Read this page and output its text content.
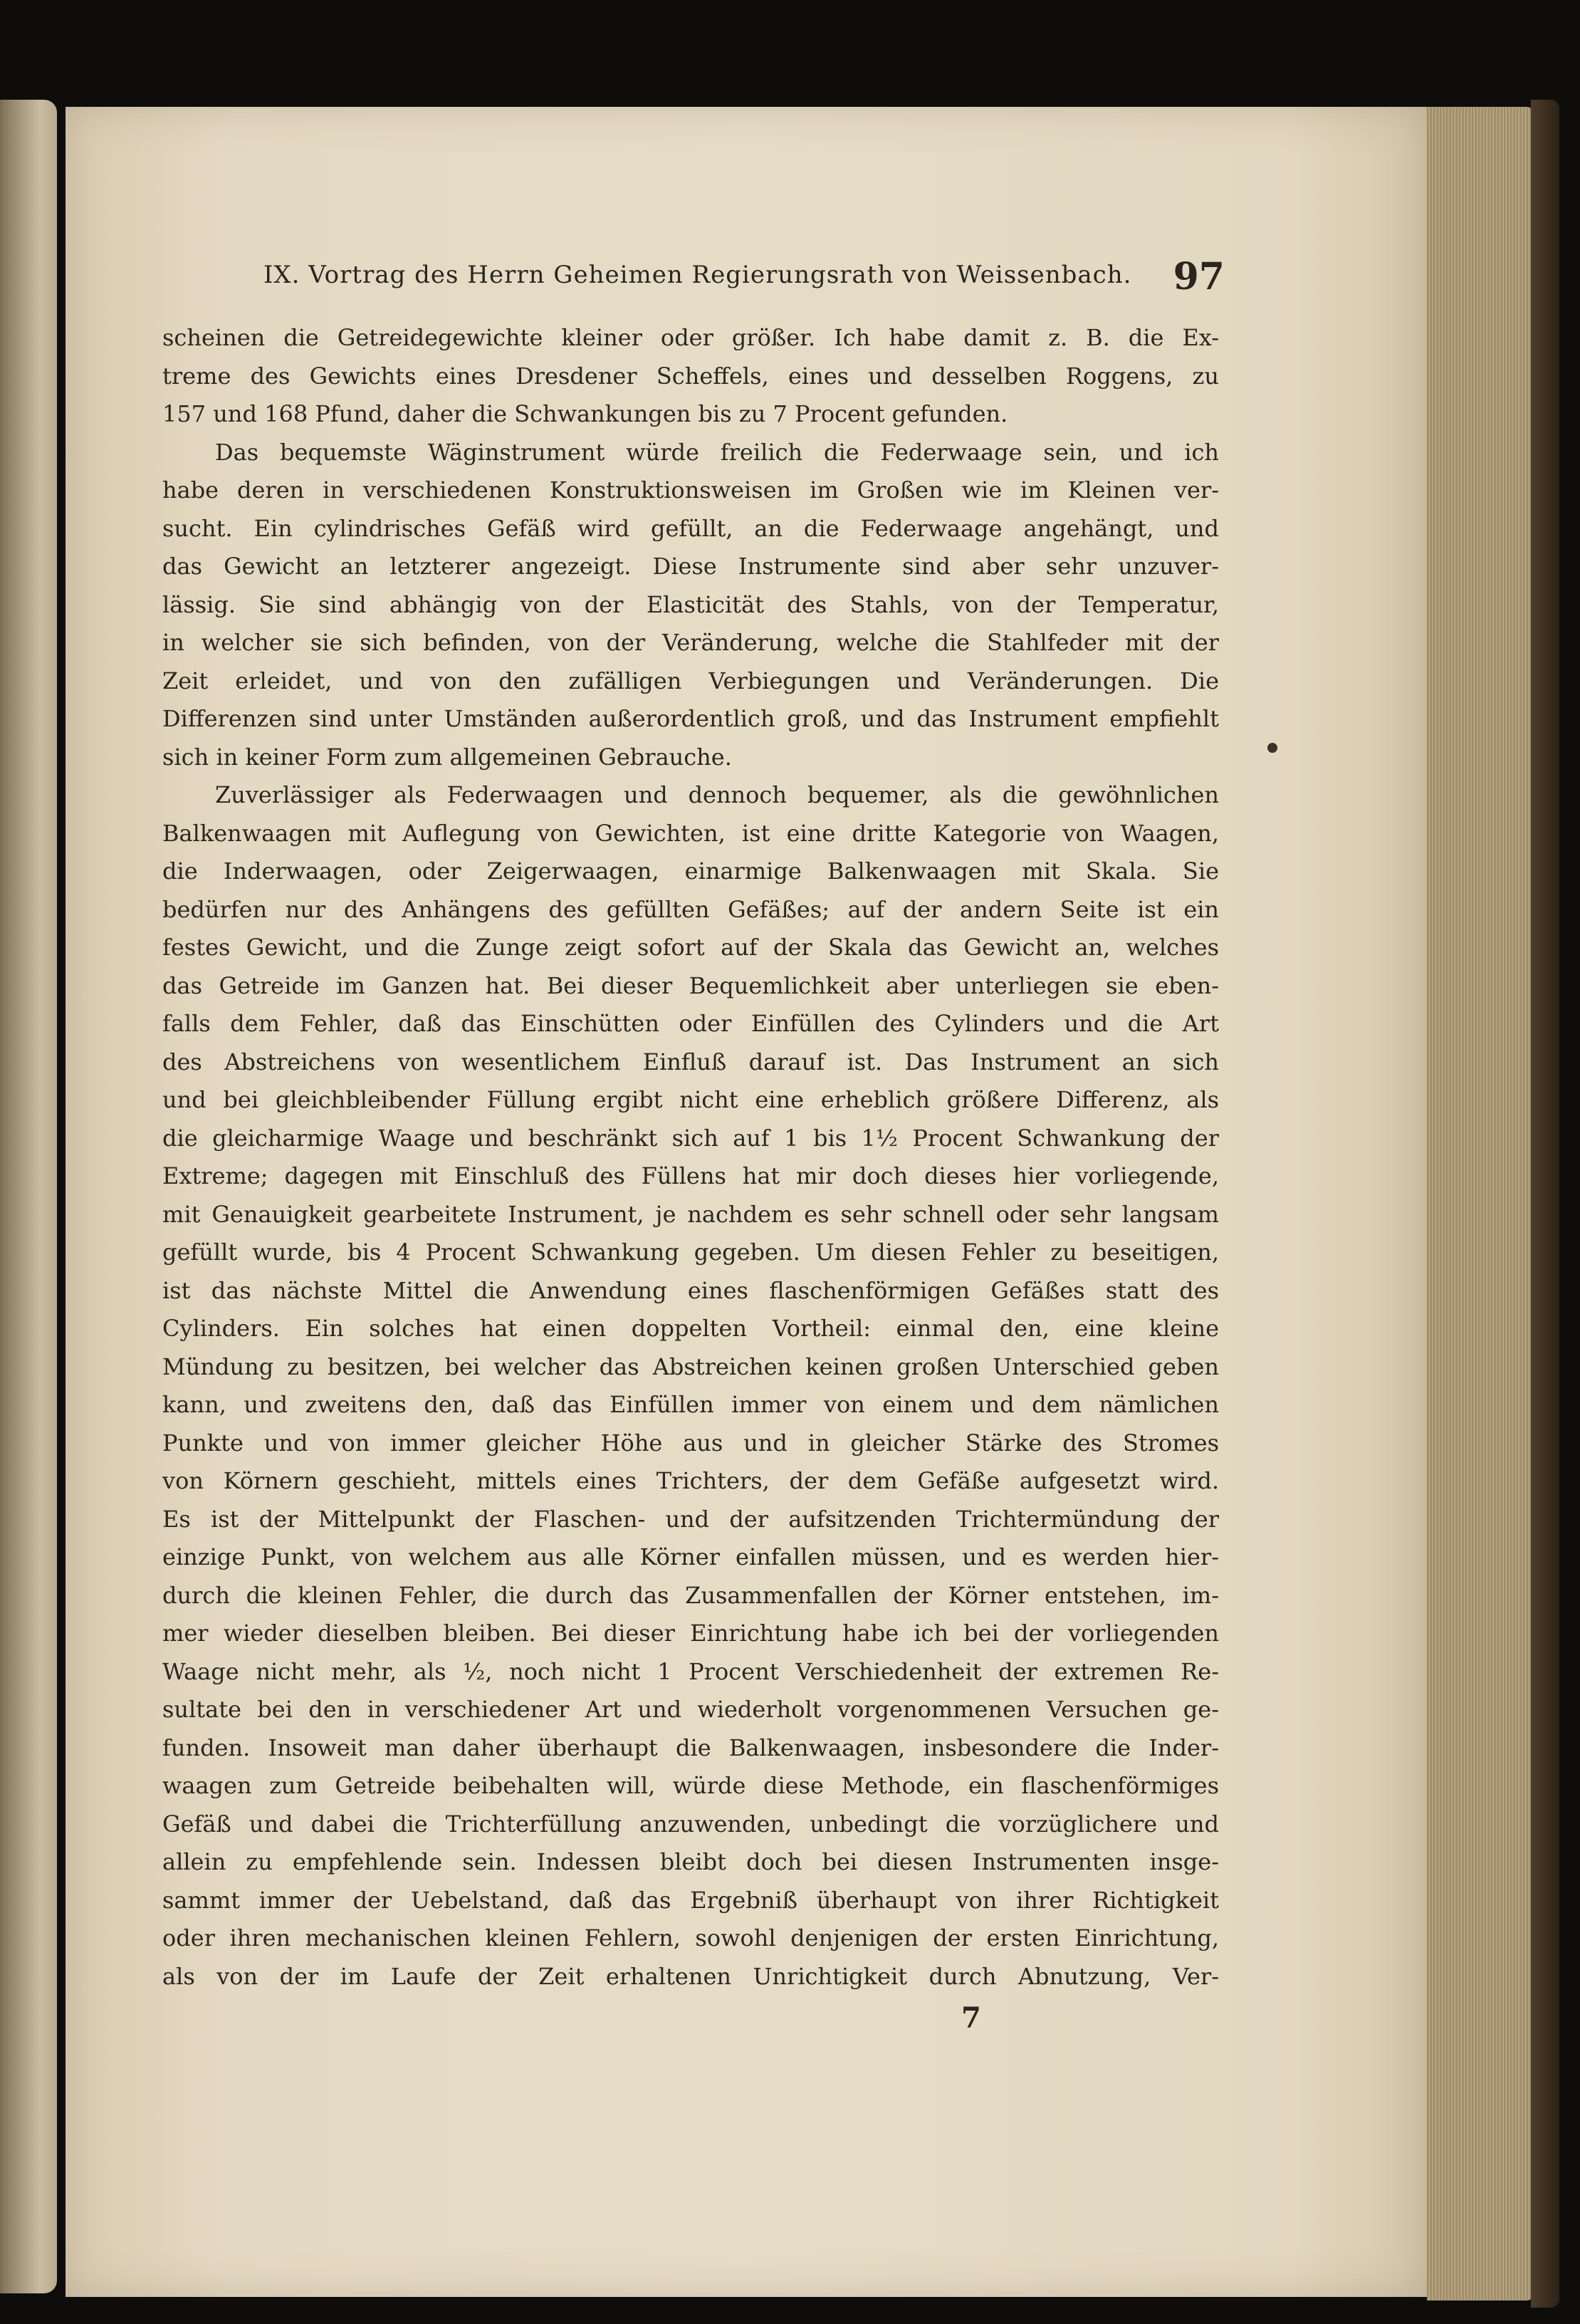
IX. Vortrag des Herrn Geheimen Regierungsrath von Weissenbach. 97
scheinen die Getreidegewichte kleiner oder größer. Ich habe damit z. B. die Ex-
treme des Gewichts eines Dresdener Scheffels, eines und desselben Roggens, zu
157 und 168 Pfund, daher die Schwankungen bis zu 7 Procent gefunden.
Das bequemste Wäginstrument würde freilich die Federwaage sein, und ich
habe deren in verschiedenen Konstruktionsweisen im Großen wie im Kleinen ver-
sucht. Ein cylindrisches Gefäß wird gefüllt, an die Federwaage angehängt, und
das Gewicht an letzterer angezeigt. Diese Instrumente sind aber sehr unzuver-
lässig. Sie sind abhängig von der Elasticität des Stahls, von der Temperatur,
in welcher sie sich befinden, von der Veränderung, welche die Stahlfeder mit der
Zeit erleidet, und von den zufälligen Verbiegungen und Veränderungen. Die
Differenzen sind unter Umständen außerordentlich groß, und das Instrument empfiehlt
sich in keiner Form zum allgemeinen Gebrauche.
Zuverlässiger als Federwaagen und dennoch bequemer, als die gewöhnlichen
Balkenwaagen mit Auflegung von Gewichten, ist eine dritte Kategorie von Waagen,
die Inderwaagen, oder Zeigerwaagen, einarmige Balkenwaagen mit Skala. Sie
bedürfen nur des Anhängens des gefüllten Gefäßes; auf der andern Seite ist ein
festes Gewicht, und die Zunge zeigt sofort auf der Skala das Gewicht an, welches
das Getreide im Ganzen hat. Bei dieser Bequemlichkeit aber unterliegen sie eben-
falls dem Fehler, daß das Einschütten oder Einfüllen des Cylinders und die Art
des Abstreichens von wesentlichem Einfluß darauf ist. Das Instrument an sich
und bei gleichbleibender Füllung ergibt nicht eine erheblich größere Differenz, als
die gleicharmige Waage und beschränkt sich auf 1 bis 1½ Procent Schwankung der
Extreme; dagegen mit Einschluß des Füllens hat mir doch dieses hier vorliegende,
mit Genauigkeit gearbeitete Instrument, je nachdem es sehr schnell oder sehr langsam
gefüllt wurde, bis 4 Procent Schwankung gegeben. Um diesen Fehler zu beseitigen,
ist das nächste Mittel die Anwendung eines flaschenförmigen Gefäßes statt des
Cylinders. Ein solches hat einen doppelten Vortheil: einmal den, eine kleine
Mündung zu besitzen, bei welcher das Abstreichen keinen großen Unterschied geben
kann, und zweitens den, daß das Einfüllen immer von einem und dem nämlichen
Punkte und von immer gleicher Höhe aus und in gleicher Stärke des Stromes
von Körnern geschieht, mittels eines Trichters, der dem Gefäße aufgesetzt wird.
Es ist der Mittelpunkt der Flaschen- und der aufsitzenden Trichtermündung der
einzige Punkt, von welchem aus alle Körner einfallen müssen, und es werden hier-
durch die kleinen Fehler, die durch das Zusammenfallen der Körner entstehen, im-
mer wieder dieselben bleiben. Bei dieser Einrichtung habe ich bei der vorliegenden
Waage nicht mehr, als ½, noch nicht 1 Procent Verschiedenheit der extremen Re-
sultate bei den in verschiedener Art und wiederholt vorgenommenen Versuchen ge-
funden. Insoweit man daher überhaupt die Balkenwaagen, insbesondere die Inder-
waagen zum Getreide beibehalten will, würde diese Methode, ein flaschenförmiges
Gefäß und dabei die Trichterfüllung anzuwenden, unbedingt die vorzüglichere und
allein zu empfehlende sein. Indessen bleibt doch bei diesen Instrumenten insge-
sammt immer der Uebelstand, daß das Ergebniß überhaupt von ihrer Richtigkeit
oder ihren mechanischen kleinen Fehlern, sowohl denjenigen der ersten Einrichtung,
als von der im Laufe der Zeit erhaltenen Unrichtigkeit durch Abnutzung, Ver-
7
